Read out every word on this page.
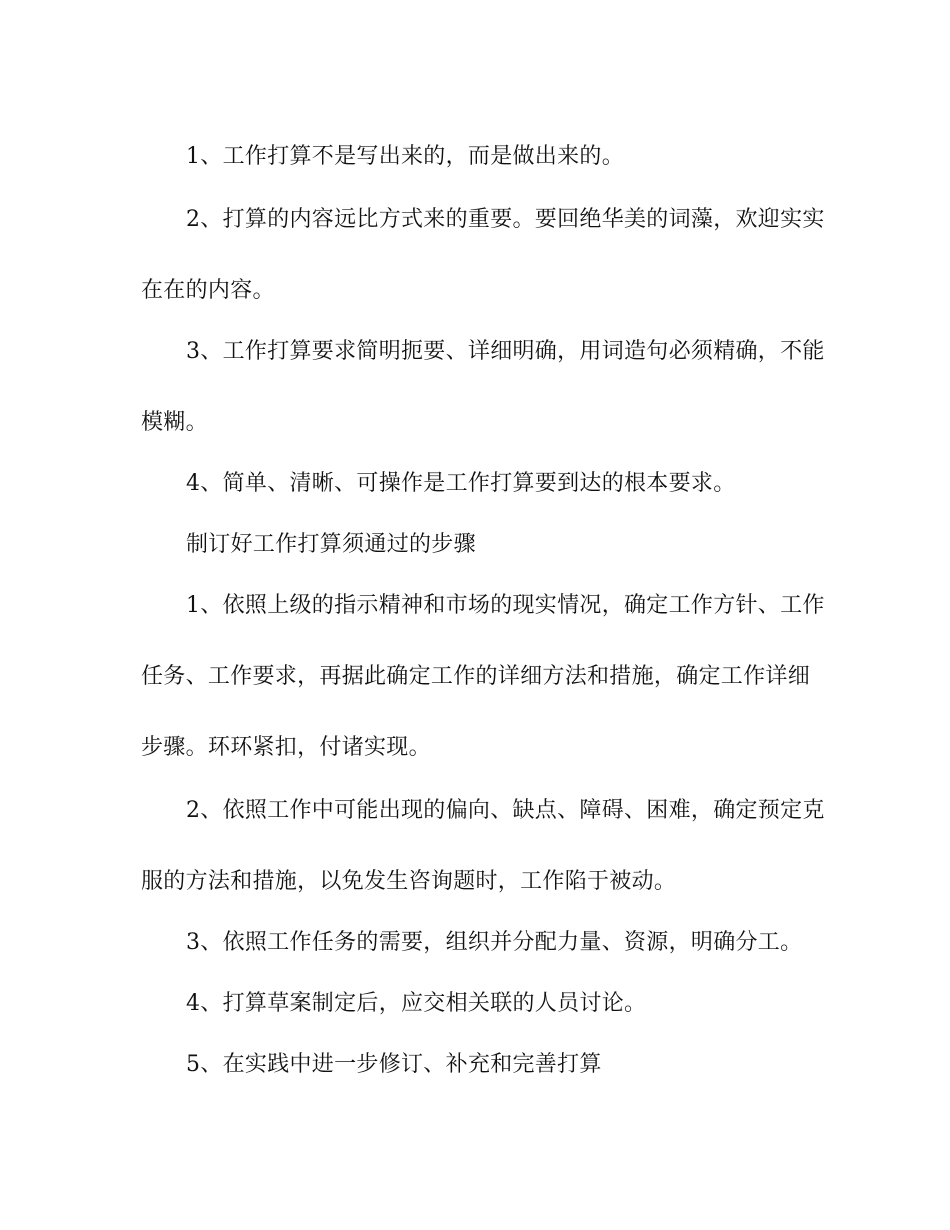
1、工作打算不是写出来的，而是做出来的。
2、打算的内容远比方式来的重要。要回绝华美的词藻，欢迎实实
在在的内容。
3、工作打算要求简明扼要、详细明确，用词造句必须精确，不能
模糊。
4、简单、清晰、可操作是工作打算要到达的根本要求。
制订好工作打算须通过的步骤
1、依照上级的指示精神和市场的现实情况，确定工作方针、工作
任务、工作要求，再据此确定工作的详细方法和措施，确定工作详细
步骤。环环紧扣，付诸实现。
2、依照工作中可能出现的偏向、缺点、障碍、困难，确定预定克
服的方法和措施，以免发生咨询题时，工作陷于被动。
3、依照工作任务的需要，组织并分配力量、资源，明确分工。
4、打算草案制定后，应交相关联的人员讨论。
5、在实践中进一步修订、补充和完善打算
